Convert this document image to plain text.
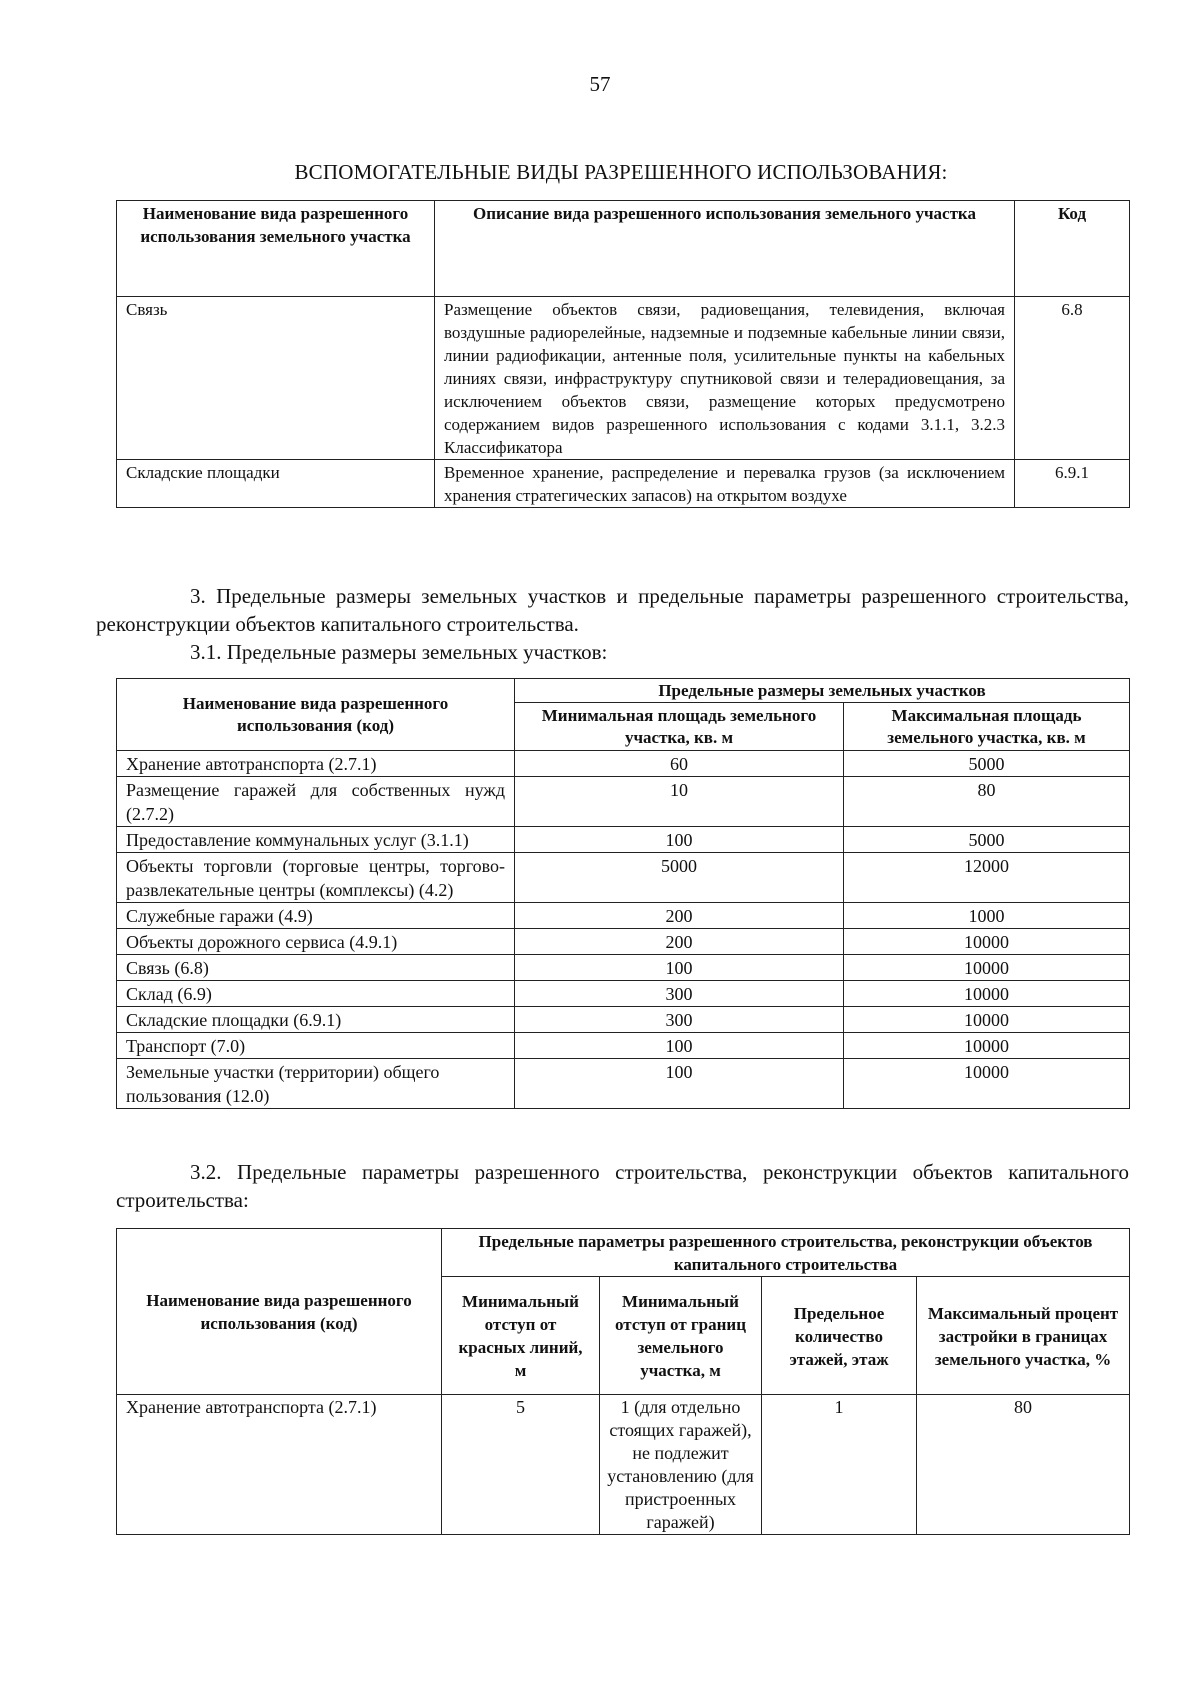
57
ВСПОМОГАТЕЛЬНЫЕ ВИДЫ РАЗРЕШЕННОГО ИСПОЛЬЗОВАНИЯ:
Наименование вида разрешенного использования земельного участка	Описание вида разрешенного использования земельного участка	Код
Связь	Размещение объектов связи, радиовещания, телевидения, включая воздушные радиорелейные, надземные и подземные кабельные линии связи, линии радиофикации, антенные поля, усилительные пункты на кабельных линиях связи, инфраструктуру спутниковой связи и телерадиовещания, за исключением объектов связи, размещение которых предусмотрено содержанием видов разрешенного использования с кодами 3.1.1, 3.2.3 Классификатора	6.8
Складские площадки	Временное хранение, распределение и перевалка грузов (за исключением хранения стратегических запасов) на открытом воздухе	6.9.1
3. Предельные размеры земельных участков и предельные параметры разрешенного строительства, реконструкции объектов капитального строительства.
3.1. Предельные размеры земельных участков:
Наименование вида разрешенного использования (код)	Предельные размеры земельных участков	
	Минимальная площадь земельного участка, кв. м	Максимальная площадь земельного участка, кв. м
Хранение автотранспорта (2.7.1)	60	5000
Размещение гаражей для собственных нужд (2.7.2)	10	80
Предоставление коммунальных услуг (3.1.1)	100	5000
Объекты торговли (торговые центры, торгово-развлекательные центры (комплексы) (4.2)	5000	12000
Служебные гаражи (4.9)	200	1000
Объекты дорожного сервиса (4.9.1)	200	10000
Связь (6.8)	100	10000
Склад (6.9)	300	10000
Складские площадки (6.9.1)	300	10000
Транспорт (7.0)	100	10000
Земельные участки (территории) общего пользования (12.0)	100	10000
3.2. Предельные параметры разрешенного строительства, реконструкции объектов капитального строительства:
Наименование вида разрешенного использования (код)	Предельные параметры разрешенного строительства, реконструкции объектов капитального строительства			
	Минимальный отступ от красных линий, м	Минимальный отступ от границ земельного участка, м	Предельное количество этажей, этаж	Максимальный процент застройки в границах земельного участка, %
Хранение автотранспорта (2.7.1)	5	1 (для отдельно стоящих гаражей), не подлежит установлению (для пристроенных гаражей)	1	80
